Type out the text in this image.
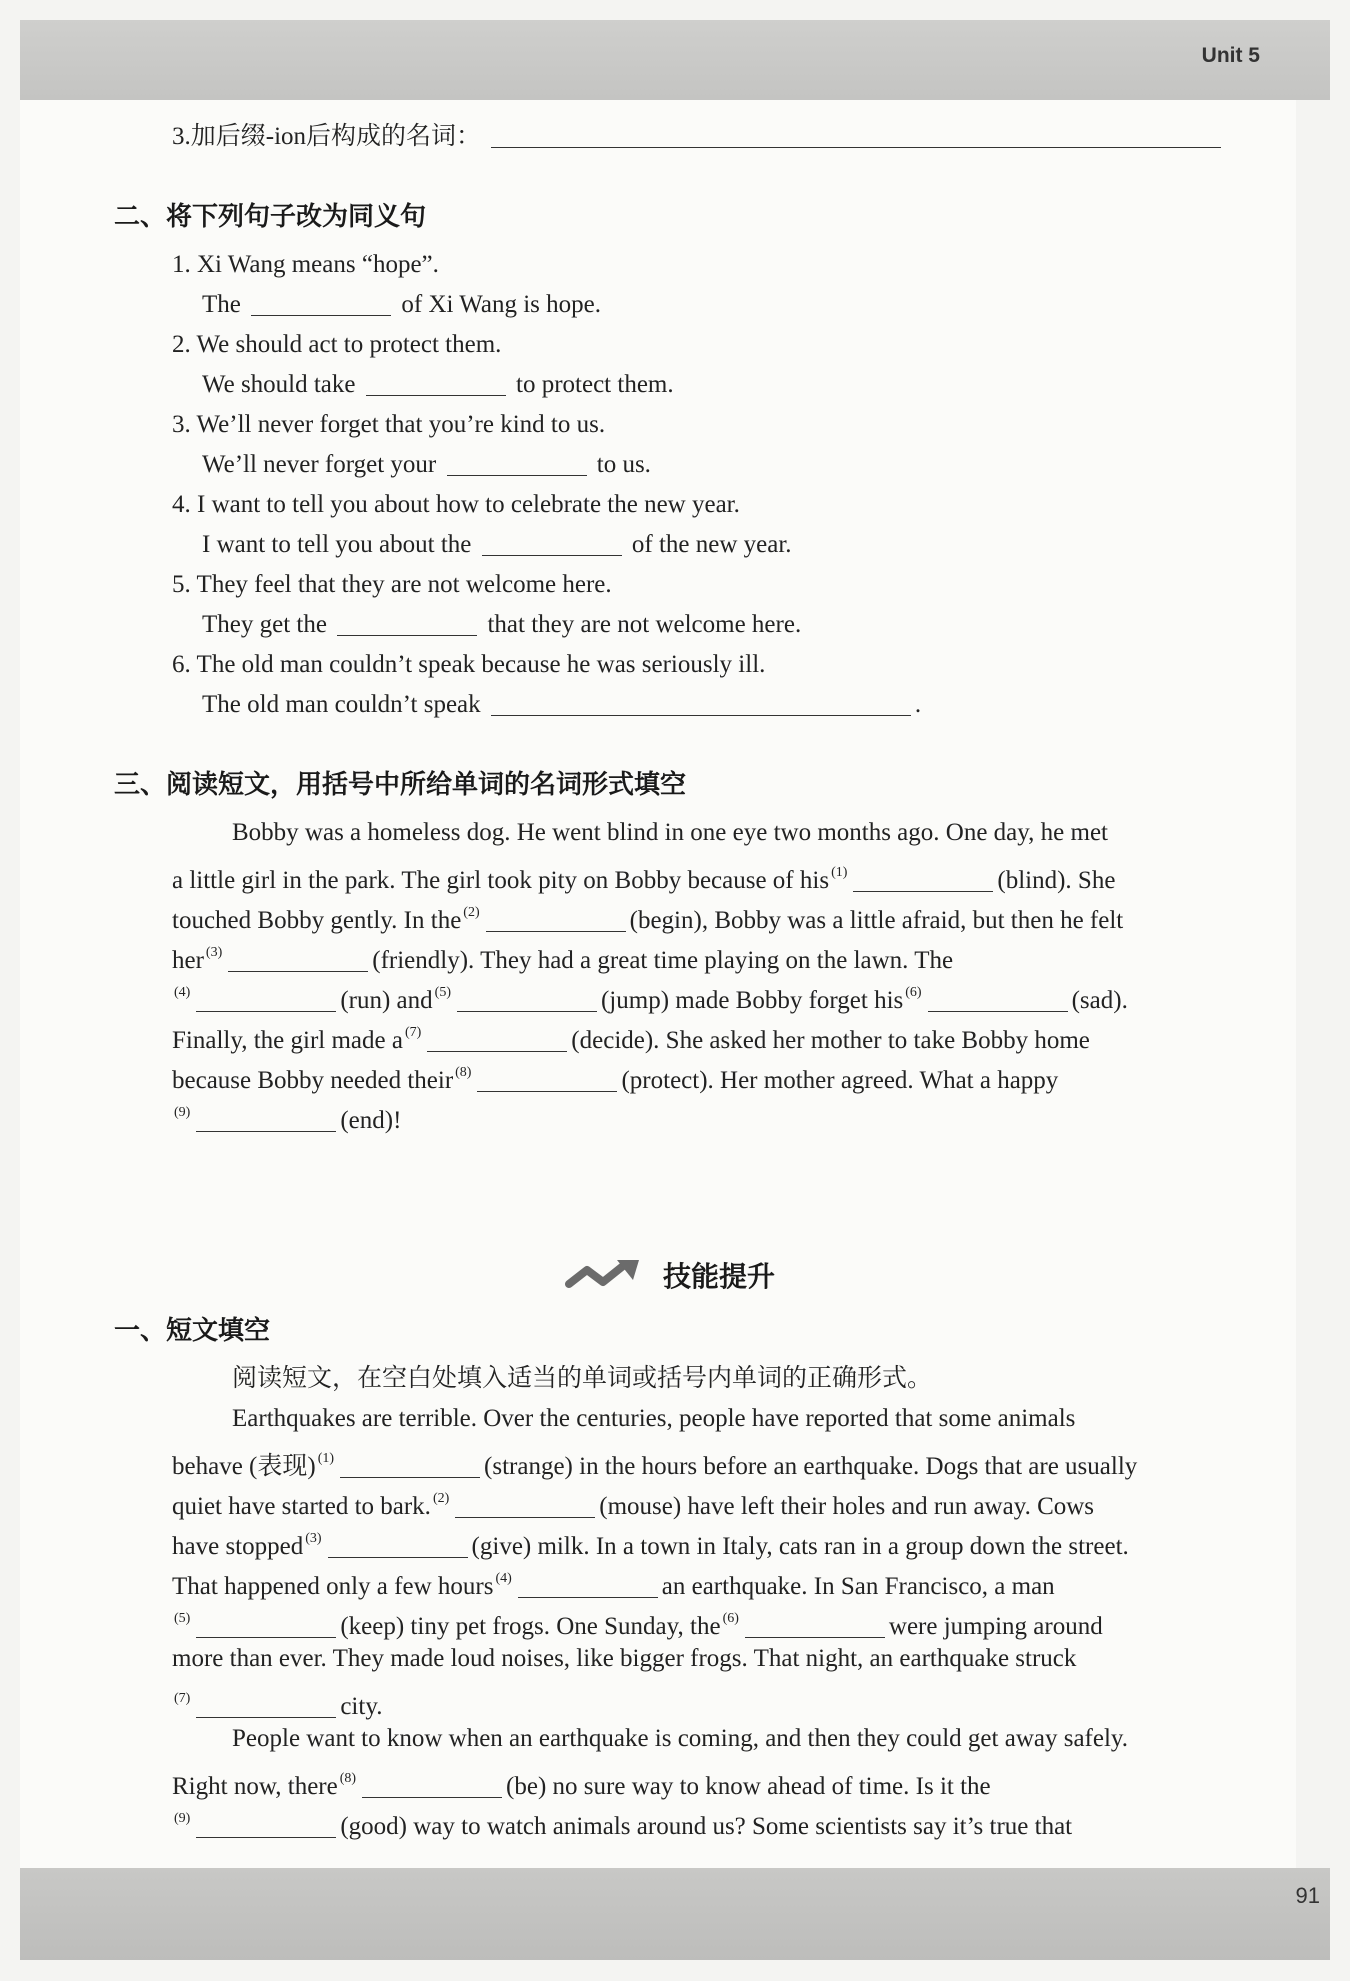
Unit 5
91
3.加后缀-ion后构成的名词：
二、将下列句子改为同义句
1. Xi Wang means “hope”.
The	of Xi Wang is hope.
2. We should act to protect them.
We should take	to protect them.
3. We’ll never forget that you’re kind to us.
We’ll never forget your	to us.
4. I want to tell you about how to celebrate the new year.
I want to tell you about the	of the new year.
5. They feel that they are not welcome here.
They get the	that they are not welcome here.
6. The old man couldn’t speak because he was seriously ill.
The old man couldn’t speak	.
三、阅读短文，用括号中所给单词的名词形式填空
Bobby was a homeless dog. He went blind in one eye two months ago. One day, he met
a little girl in the park. The girl took pity on Bobby because of his $^{(1)}$	(blind). She
touched Bobby gently. In the $^{(2)}$	(begin), Bobby was a little afraid, but then he felt
her $^{(3)}$	(friendly). They had a great time playing on the lawn. The
$^{(4)}$	(run) and $^{(5)}$	(jump) made Bobby forget his $^{(6)}$	(sad).
Finally, the girl made a $^{(7)}$	(decide). She asked her mother to take Bobby home
because Bobby needed their $^{(8)}$	(protect). Her mother agreed. What a happy
$^{(9)}$	(end)!
技能提升
一、短文填空
阅读短文，在空白处填入适当的单词或括号内单词的正确形式。
Earthquakes are terrible. Over the centuries, people have reported that some animals
behave (表现) $^{(1)}$	(strange) in the hours before an earthquake. Dogs that are usually
quiet have started to bark. $^{(2)}$	(mouse) have left their holes and run away. Cows
have stopped $^{(3)}$	(give) milk. In a town in Italy, cats ran in a group down the street.
That happened only a few hours $^{(4)}$	an earthquake. In San Francisco, a man
$^{(5)}$	(keep) tiny pet frogs. One Sunday, the $^{(6)}$	were jumping around
more than ever. They made loud noises, like bigger frogs. That night, an earthquake struck
$^{(7)}$	city.
People want to know when an earthquake is coming, and then they could get away safely.
Right now, there $^{(8)}$	(be) no sure way to know ahead of time. Is it the
$^{(9)}$	(good) way to watch animals around us? Some scientists say it’s true that
